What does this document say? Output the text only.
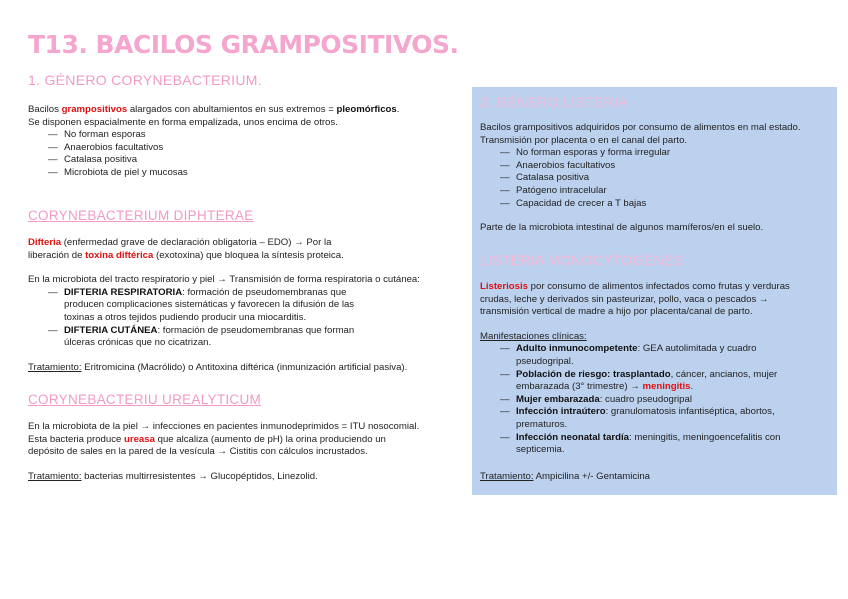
T13. BACILOS GRAMPOSITIVOS.
1. GÉNERO CORYNEBACTERIUM.

Bacilos grampositivos alargados con abultamientos en sus extremos = pleomórficos.

Se disponen espacialmente en forma empalizada, unos encima de otros.

— No forman esporas
— Anaerobios facultativos
— Catalasa positiva
— Microbiota de piel y mucosas
CORYNEBACTERIUM DIPHTERAE

Difteria (enfermedad grave de declaración obligatoria – EDO) → Por la

liberación de toxina diftérica (exotoxina) que bloquea la síntesis proteica.

En la microbiota del tracto respiratorio y piel → Transmisión de forma respiratoria o cutánea:

— DIFTERIA RESPIRATORIA: formación de pseudomembranas que
producen complicaciones sistemáticas y favorecen la difusión de las
toxinas a otros tejidos pudiendo producir una miocarditis.
— DIFTERIA CUTÁNEA: formación de pseudomembranas que forman
úlceras crónicas que no cicatrizan.

Tratamiento: Eritromicina (Macrólido) o Antitoxina diftérica (inmunización artificial pasiva).

CORYNEBACTERIU UREALYTICUM

En la microbiota de la piel → infecciones en pacientes inmunodeprimidos = ITU nosocomial.

Esta bacteria produce ureasa que alcaliza (aumento de pH) la orina produciendo un

depósito de sales en la pared de la vesícula → Cistitis con cálculos incrustados.

Tratamiento: bacterias multirresistentes → Glucopéptidos, Linezolid.

2. GÉNERO LISTERIA

Bacilos grampositivos adquiridos por consumo de alimentos en mal estado.

Transmisión por placenta o en el canal del parto.

— No forman esporas y forma irregular
— Anaerobios facultativos
— Catalasa positiva
— Patógeno intracelular
— Capacidad de crecer a T bajas

Parte de la microbiota intestinal de algunos mamíferos/en el suelo.

LISTERIA MONOCYTOGENES

Listeriosis por consumo de alimentos infectados como frutas y verduras

crudas, leche y derivados sin pasteurizar, pollo, vaca o pescados →

transmisión vertical de madre a hijo por placenta/canal de parto.

Manifestaciones clínicas:

— Adulto inmunocompetente: GEA autolimitada y cuadro
pseudogripal.
— Población de riesgo: trasplantado, cáncer, ancianos, mujer
embarazada (3° trimestre) → meningitis.
— Mujer embarazada: cuadro pseudogripal
— Infección intraútero: granulomatosis infantiséptica, abortos,
prematuros.
— Infección neonatal tardía: meningitis, meningoencefalitis con
septicemia.

Tratamiento: Ampicilina +/- Gentamicina
